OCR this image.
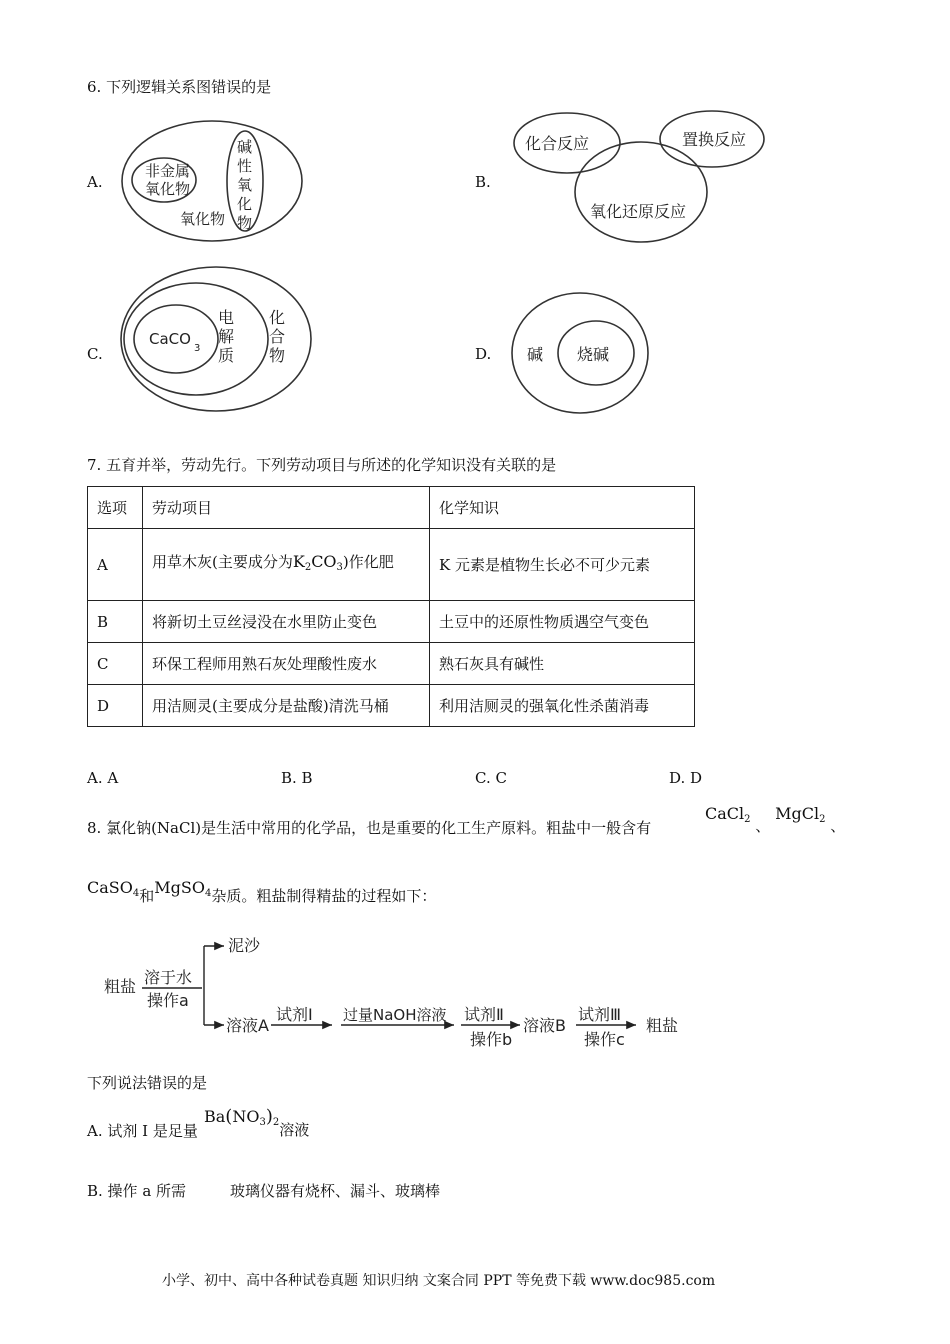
6. 下列逻辑关系图错误的是
A.
非金属
氧化物
碱
性
氧
化
物
氧化物
B.
化合反应	置换反应
氧化还原反应
C.
CaCO
3
电
解
质
化
合
物	D. 碱 烧碱
7. 五育并举，劳动先行。下列劳动项目与所述的化学知识没有关联的是
选项	劳动项目	化学知识
A	用草木灰(主要成分为$K_2CO_3$)作化肥	K 元素是植物生长必不可少元素
B	将新切土豆丝浸没在水里防止变色	土豆中的还原性物质遇空气变色
C	环保工程师用熟石灰处理酸性废水	熟石灰具有碱性
D	用洁厕灵(主要成分是盐酸)清洗马桶	利用洁厕灵的强氧化性杀菌消毒
A. A	B. B	C. C	D. D
8. 氯化钠(NaCl)是生活中常用的化学品，也是重要的化工生产原料。粗盐中一般含有
CaCl$_2$ 、 MgCl$_2$ 、
CaSO$_4$和MgSO$_4$杂质。粗盐制得精盐的过程如下：
粗盐 溶于水
操作a
泥沙
溶液A
试剂Ⅰ 过量NaOH溶液 试剂Ⅱ
操作b
溶液B
试剂Ⅲ
操作c
粗盐
下列说法错误的是
A. 试剂 I 是足量
$Ba(NO_3)_2$溶液
B. 操作 a 所需	玻璃仪器有烧杯、漏斗、玻璃棒
小学、初中、高中各种试卷真题 知识归纳 文案合同 PPT 等免费下载 www.doc985.com
